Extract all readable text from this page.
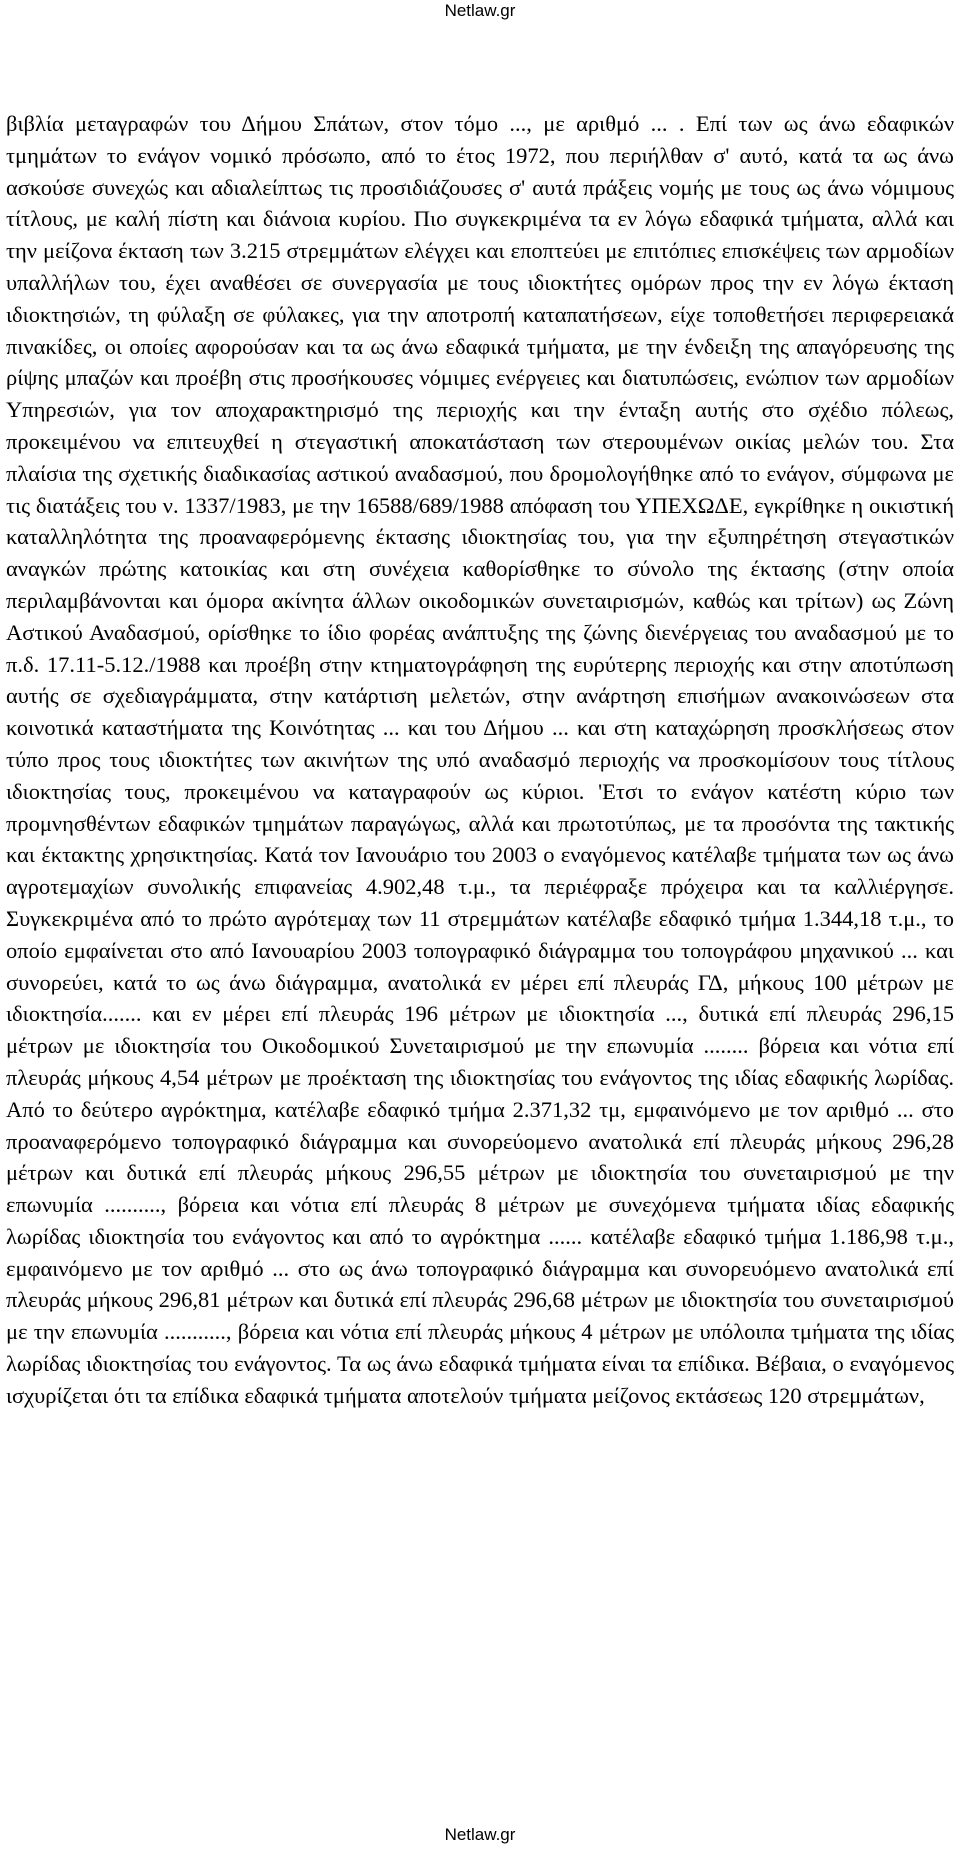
Netlaw.gr

βιβλία μεταγραφών του Δήμου Σπάτων, στον τόμο ..., με αριθμό ... . Επί των ως άνω εδαφικών τμημάτων το ενάγον νομικό πρόσωπο, από το έτος 1972, που περιήλθαν σ' αυτό, κατά τα ως άνω ασκούσε συνεχώς και αδιαλείπτως τις προσιδιάζουσες σ' αυτά πράξεις νομής με τους ως άνω νόμιμους τίτλους, με καλή πίστη και διάνοια κυρίου. Πιο συγκεκριμένα τα εν λόγω εδαφικά τμήματα, αλλά και την μείζονα έκταση των 3.215 στρεμμάτων ελέγχει και εποπτεύει με επιτόπιες επισκέψεις των αρμοδίων υπαλλήλων του, έχει αναθέσει σε συνεργασία με τους ιδιοκτήτες ομόρων προς την εν λόγω έκταση ιδιοκτησιών, τη φύλαξη σε φύλακες, για την αποτροπή καταπατήσεων, είχε τοποθετήσει περιφερειακά πινακίδες, οι οποίες αφορούσαν και τα ως άνω εδαφικά τμήματα, με την ένδειξη της απαγόρευσης της ρίψης μπαζών και προέβη στις προσήκουσες νόμιμες ενέργειες και διατυπώσεις, ενώπιον των αρμοδίων Υπηρεσιών, για τον αποχαρακτηρισμό της περιοχής και την ένταξη αυτής στο σχέδιο πόλεως, προκειμένου να επιτευχθεί η στεγαστική αποκατάσταση των στερουμένων οικίας μελών του. Στα πλαίσια της σχετικής διαδικασίας αστικού αναδασμού, που δρομολογήθηκε από το ενάγον, σύμφωνα με τις διατάξεις του ν. 1337/1983, με την 16588/689/1988 απόφαση του ΥΠΕΧΩΔΕ, εγκρίθηκε η οικιστική καταλληλότητα της προαναφερόμενης έκτασης ιδιοκτησίας του, για την εξυπηρέτηση στεγαστικών αναγκών πρώτης κατοικίας και στη συνέχεια καθορίσθηκε το σύνολο της έκτασης (στην οποία περιλαμβάνονται και όμορα ακίνητα άλλων οικοδομικών συνεταιρισμών, καθώς και τρίτων) ως Ζώνη Αστικού Αναδασμού, ορίσθηκε το ίδιο φορέας ανάπτυξης της ζώνης διενέργειας του αναδασμού με το π.δ. 17.11-5.12./1988 και προέβη στην κτηματογράφηση της ευρύτερης περιοχής και στην αποτύπωση αυτής σε σχεδιαγράμματα, στην κατάρτιση μελετών, στην ανάρτηση επισήμων ανακοινώσεων στα κοινοτικά καταστήματα της Κοινότητας ... και του Δήμου ... και στη καταχώρηση προσκλήσεως στον τύπο προς τους ιδιοκτήτες των ακινήτων της υπό αναδασμό περιοχής να προσκομίσουν τους τίτλους ιδιοκτησίας τους, προκειμένου να καταγραφούν ως κύριοι. 'Ετσι το ενάγον κατέστη κύριο των προμνησθέντων εδαφικών τμημάτων παραγώγως, αλλά και πρωτοτύπως, με τα προσόντα της τακτικής και έκτακτης χρησικτησίας. Κατά τον Ιανουάριο του 2003 ο εναγόμενος κατέλαβε τμήματα των ως άνω αγροτεμαχίων συνολικής επιφανείας 4.902,48 τ.μ., τα περιέφραξε πρόχειρα και τα καλλιέργησε. Συγκεκριμένα από το πρώτο αγρότεμαχ των 11 στρεμμάτων κατέλαβε εδαφικό τμήμα 1.344,18 τ.μ., το οποίο εμφαίνεται στο από Ιανουαρίου 2003 τοπογραφικό διάγραμμα του τοπογράφου μηχανικού ... και συνορεύει, κατά το ως άνω διάγραμμα, ανατολικά εν μέρει επί πλευράς ΓΔ, μήκους 100 μέτρων με ιδιοκτησία....... και εν μέρει επί πλευράς 196 μέτρων με ιδιοκτησία ..., δυτικά επί πλευράς 296,15 μέτρων με ιδιοκτησία του Οικοδομικού Συνεταιρισμού με την επωνυμία ........ βόρεια και νότια επί πλευράς μήκους 4,54 μέτρων με προέκταση της ιδιοκτησίας του ενάγοντος της ιδίας εδαφικής λωρίδας. Από το δεύτερο αγρόκτημα, κατέλαβε εδαφικό τμήμα 2.371,32 τμ, εμφαινόμενο με τον αριθμό ... στο προαναφερόμενο τοπογραφικό διάγραμμα και συνορεύομενο ανατολικά επί πλευράς μήκους 296,28 μέτρων και δυτικά επί πλευράς μήκους 296,55 μέτρων με ιδιοκτησία του συνεταιρισμού με την επωνυμία .........., βόρεια και νότια επί πλευράς 8 μέτρων με συνεχόμενα τμήματα ιδίας εδαφικής λωρίδας ιδιοκτησία του ενάγοντος και από το αγρόκτημα ...... κατέλαβε εδαφικό τμήμα 1.186,98 τ.μ., εμφαινόμενο με τον αριθμό ... στο ως άνω τοπογραφικό διάγραμμα και συνορευόμενο ανατολικά επί πλευράς μήκους 296,81 μέτρων και δυτικά επί πλευράς 296,68 μέτρων με ιδιοκτησία του συνεταιρισμού με την επωνυμία ..........., βόρεια και νότια επί πλευράς μήκους 4 μέτρων με υπόλοιπα τμήματα της ιδίας λωρίδας ιδιοκτησίας του ενάγοντος. Τα ως άνω εδαφικά τμήματα είναι τα επίδικα. Βέβαια, ο εναγόμενος ισχυρίζεται ότι τα επίδικα εδαφικά τμήματα αποτελούν τμήματα μείζονος εκτάσεως 120 στρεμμάτων,

Netlaw.gr
